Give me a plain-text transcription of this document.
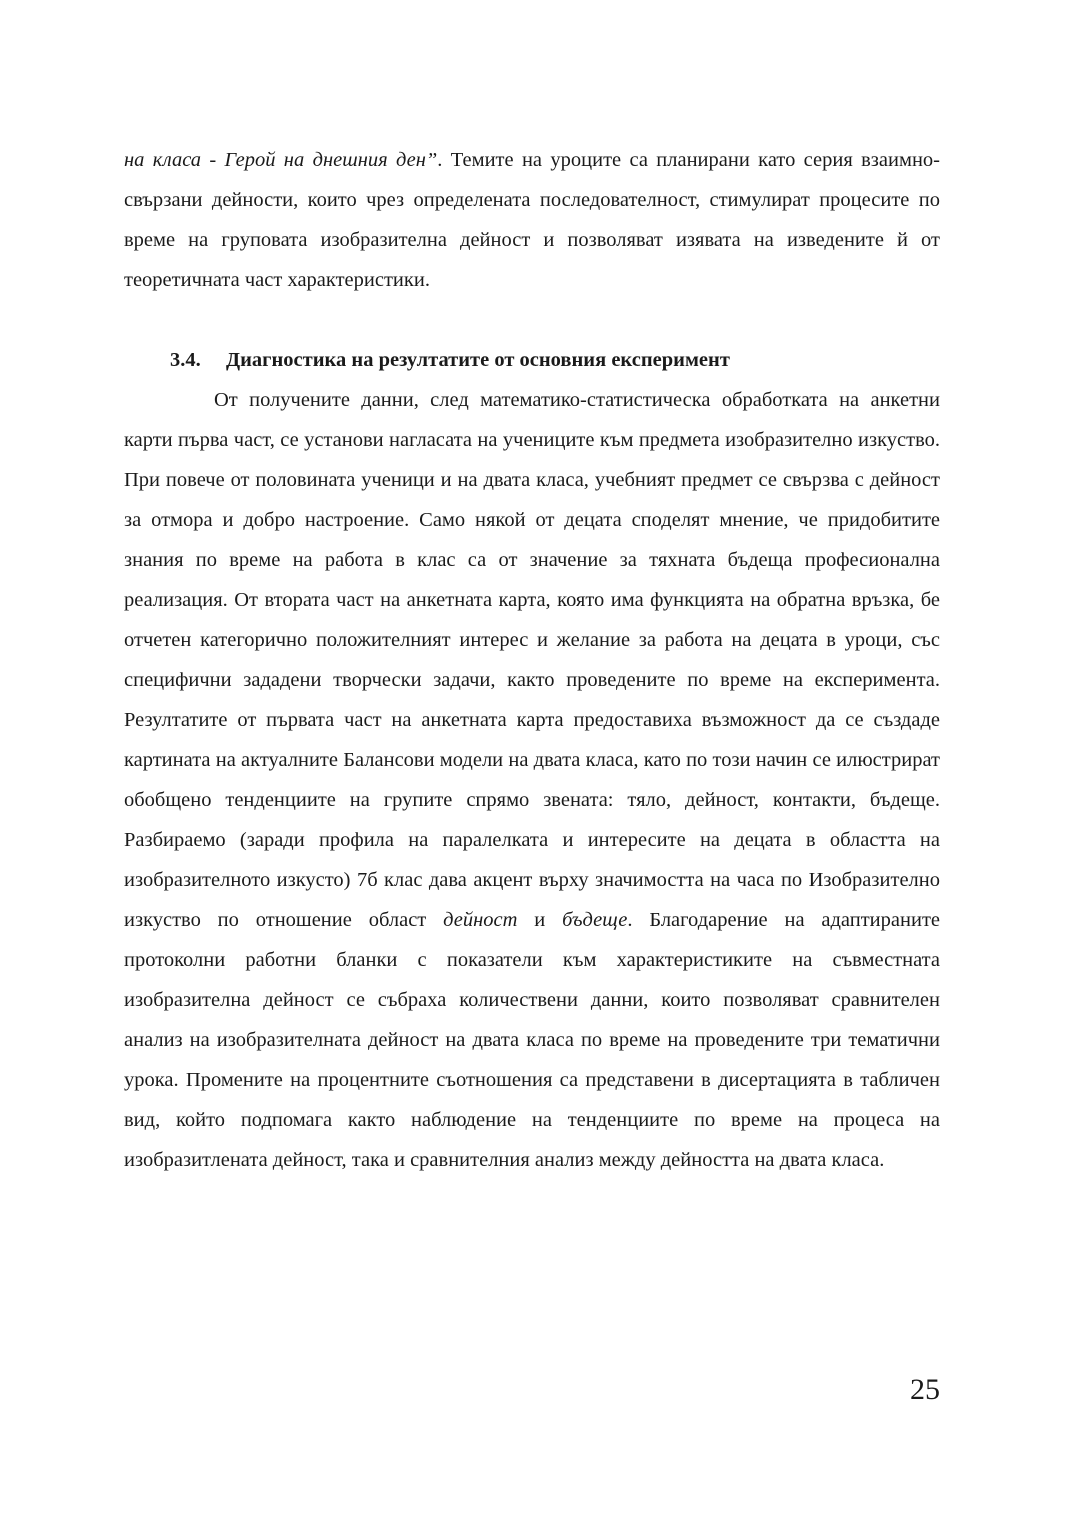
на класа - Герой на днешния ден”. Темите на уроците са планирани като серия взаимно-свързани дейности, които чрез определената последователност, стимулират процесите по време на груповата изобразителна дейност и позволяват изявата на изведените й от теоретичната част характеристики.

3.4. Диагностика на резултатите от основния експеримент

От получените данни, след математико-статистическа обработката на анкетни карти първа част, се установи нагласата на учениците към предмета изобразително изкуство. При повече от половината ученици и на двата класа, учебният предмет се свързва с дейност за отмора и добро настроение. Само някой от децата споделят мнение, че придобитите знания по време на работа в клас са от значение за тяхната бъдеща професионална реализация. От втората част на анкетната карта, която има функцията на обратна връзка, бе отчетен категорично положителният интерес и желание за работа на децата в уроци, със специфични зададени творчески задачи, както проведените по време на експеримента. Резултатите от първата част на анкетната карта предоставиха възможност да се създаде картината на актуалните Балансови модели на двата класа, като по този начин се илюстрират обобщено тенденциите на групите спрямо звената: тяло, дейност, контакти, бъдеще. Разбираемо (заради профила на паралелката и интересите на децата в областта на изобразителното изкусто) 7б клас дава акцент върху значимостта на часа по Изобразително изкуство по отношение област дейност и бъдеще. Благодарение на адаптираните протоколни работни бланки с показатели към характеристиките на съвместната изобразителна дейност се събраха количествени данни, които позволяват сравнителен анализ на изобразителната дейност на двата класа по време на проведените три тематични урока. Промените на процентните съотношения са представени в дисертацията в табличен вид, който подпомага както наблюдение на тенденциите по време на процеса на изобразитлената дейност, така и сравнителния анализ между дейността на двата класа.

25
